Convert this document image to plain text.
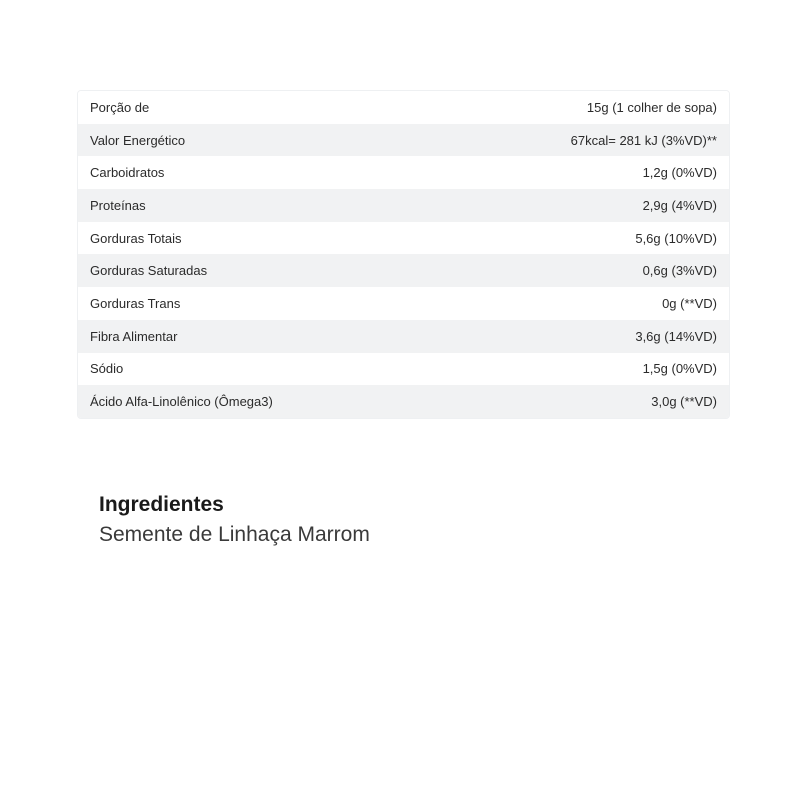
Porção de	15g (1 colher de sopa)
Valor Energético	67kcal= 281 kJ (3%VD)**
Carboidratos	1,2g (0%VD)
Proteínas	2,9g (4%VD)
Gorduras Totais	5,6g (10%VD)
Gorduras Saturadas	0,6g (3%VD)
Gorduras Trans	0g (**VD)
Fibra Alimentar	3,6g (14%VD)
Sódio	1,5g (0%VD)
Ácido Alfa-Linolênico (Ômega3)	3,0g (**VD)
Ingredientes

Semente de Linhaça Marrom
